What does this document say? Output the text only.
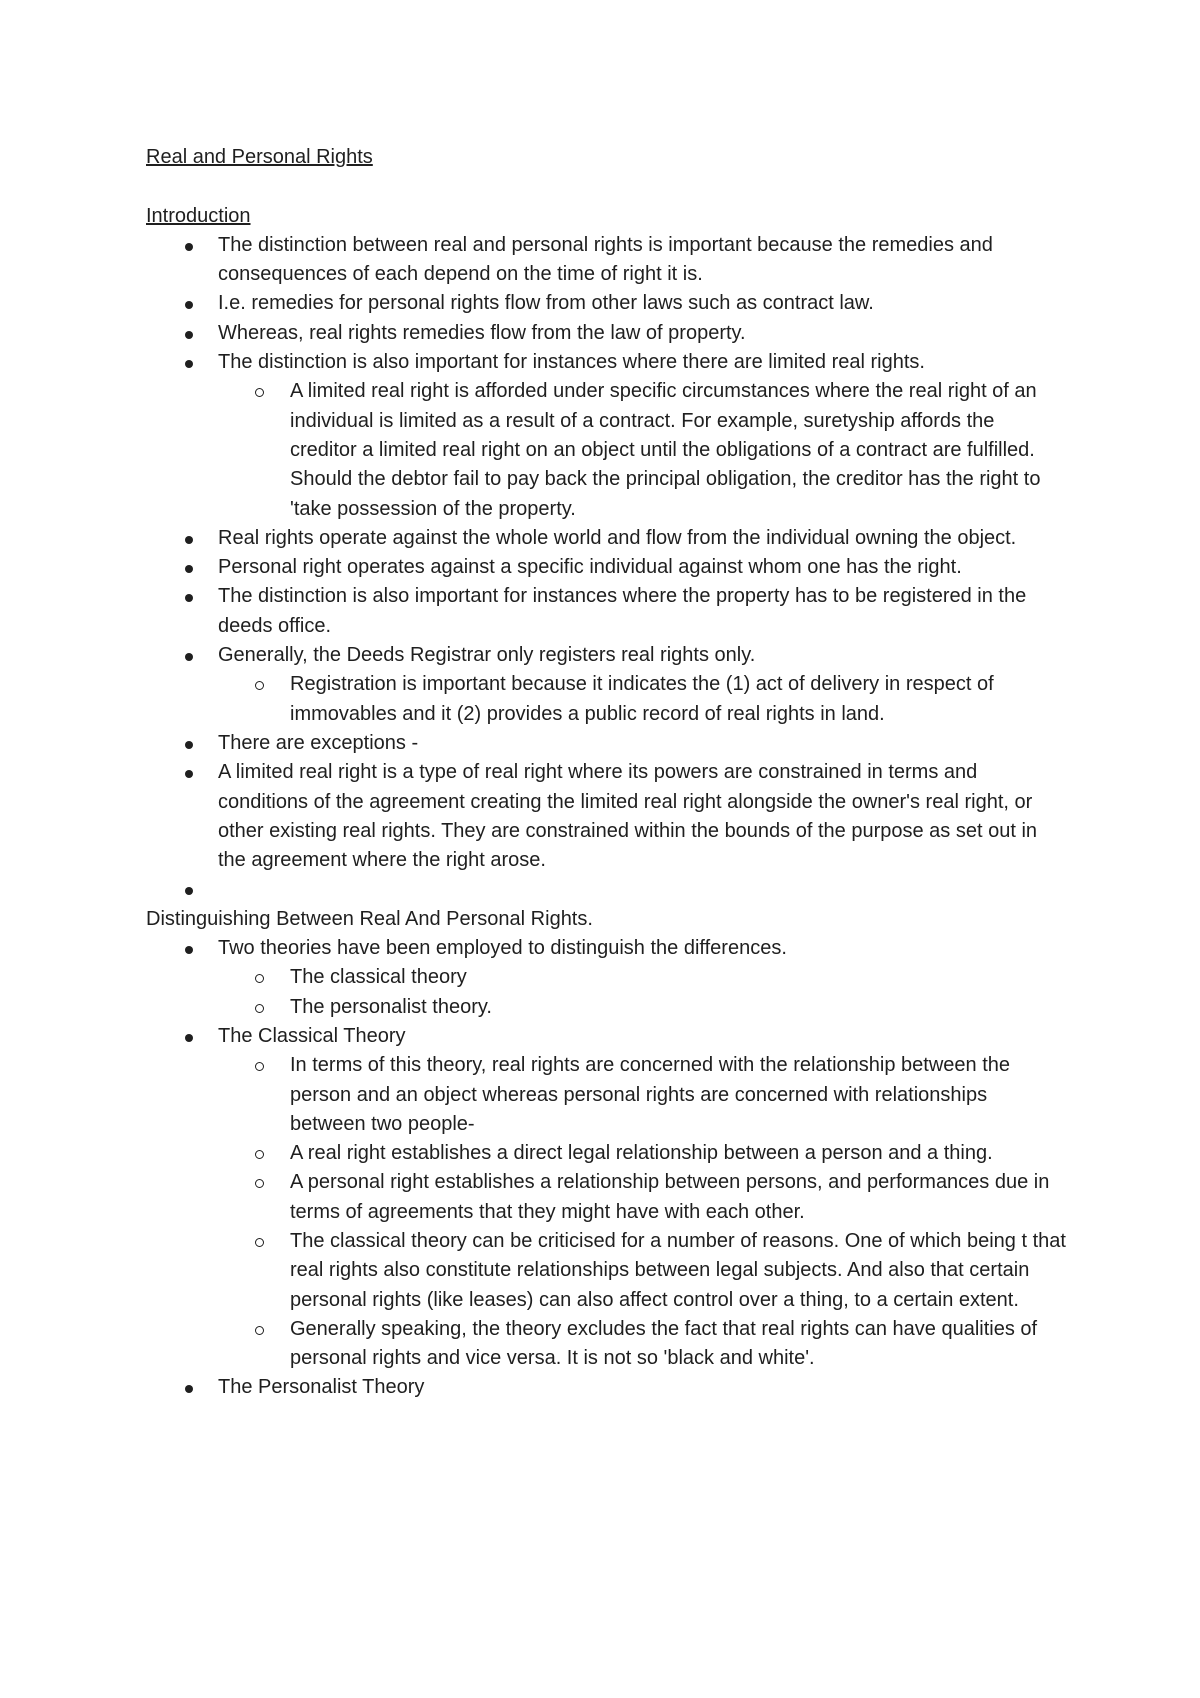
Real and Personal Rights
Introduction
The distinction between real and personal rights is important because the remedies and consequences of each depend on the time of right it is.
I.e. remedies for personal rights flow from other laws such as contract law.
Whereas, real rights remedies flow from the law of property.
The distinction is also important for instances where there are limited real rights.
A limited real right is afforded under specific circumstances where the real right of an individual is limited as a result of a contract. For example, suretyship affords the creditor a limited real right on an object until the obligations of a contract are fulfilled. Should the debtor fail to pay back the principal obligation, the creditor has the right to 'take possession of the property.
Real rights operate against the whole world and flow from the individual owning the object.
Personal right operates against a specific individual against whom one has the right.
The distinction is also important for instances where the property has to be registered in the deeds office.
Generally, the Deeds Registrar only registers real rights only.
Registration is important because it indicates the (1) act of delivery in respect of immovables and it (2) provides a public record of real rights in land.
There are exceptions -
A limited real right is a type of real right where its powers are constrained in terms and conditions of the agreement creating the limited real right alongside the owner's real right, or other existing real rights. They are constrained within the bounds of the purpose as set out in the agreement where the right arose.
Distinguishing Between Real And Personal Rights.
Two theories have been employed to distinguish the differences.
The classical theory
The personalist theory.
The Classical Theory
In terms of this theory, real rights are concerned with the relationship between the person and an object whereas personal rights are concerned with relationships between two people-
A real right establishes a direct legal relationship between a person and a thing.
A personal right establishes a relationship between persons, and performances due in terms of agreements that they might have with each other.
The classical theory can be criticised for a number of reasons. One of which being t that real rights also constitute relationships between legal subjects. And also that certain personal rights (like leases) can also affect control over a thing, to a certain extent.
Generally speaking, the theory excludes the fact that real rights can have qualities of personal rights and vice versa. It is not so 'black and white'.
The Personalist Theory
